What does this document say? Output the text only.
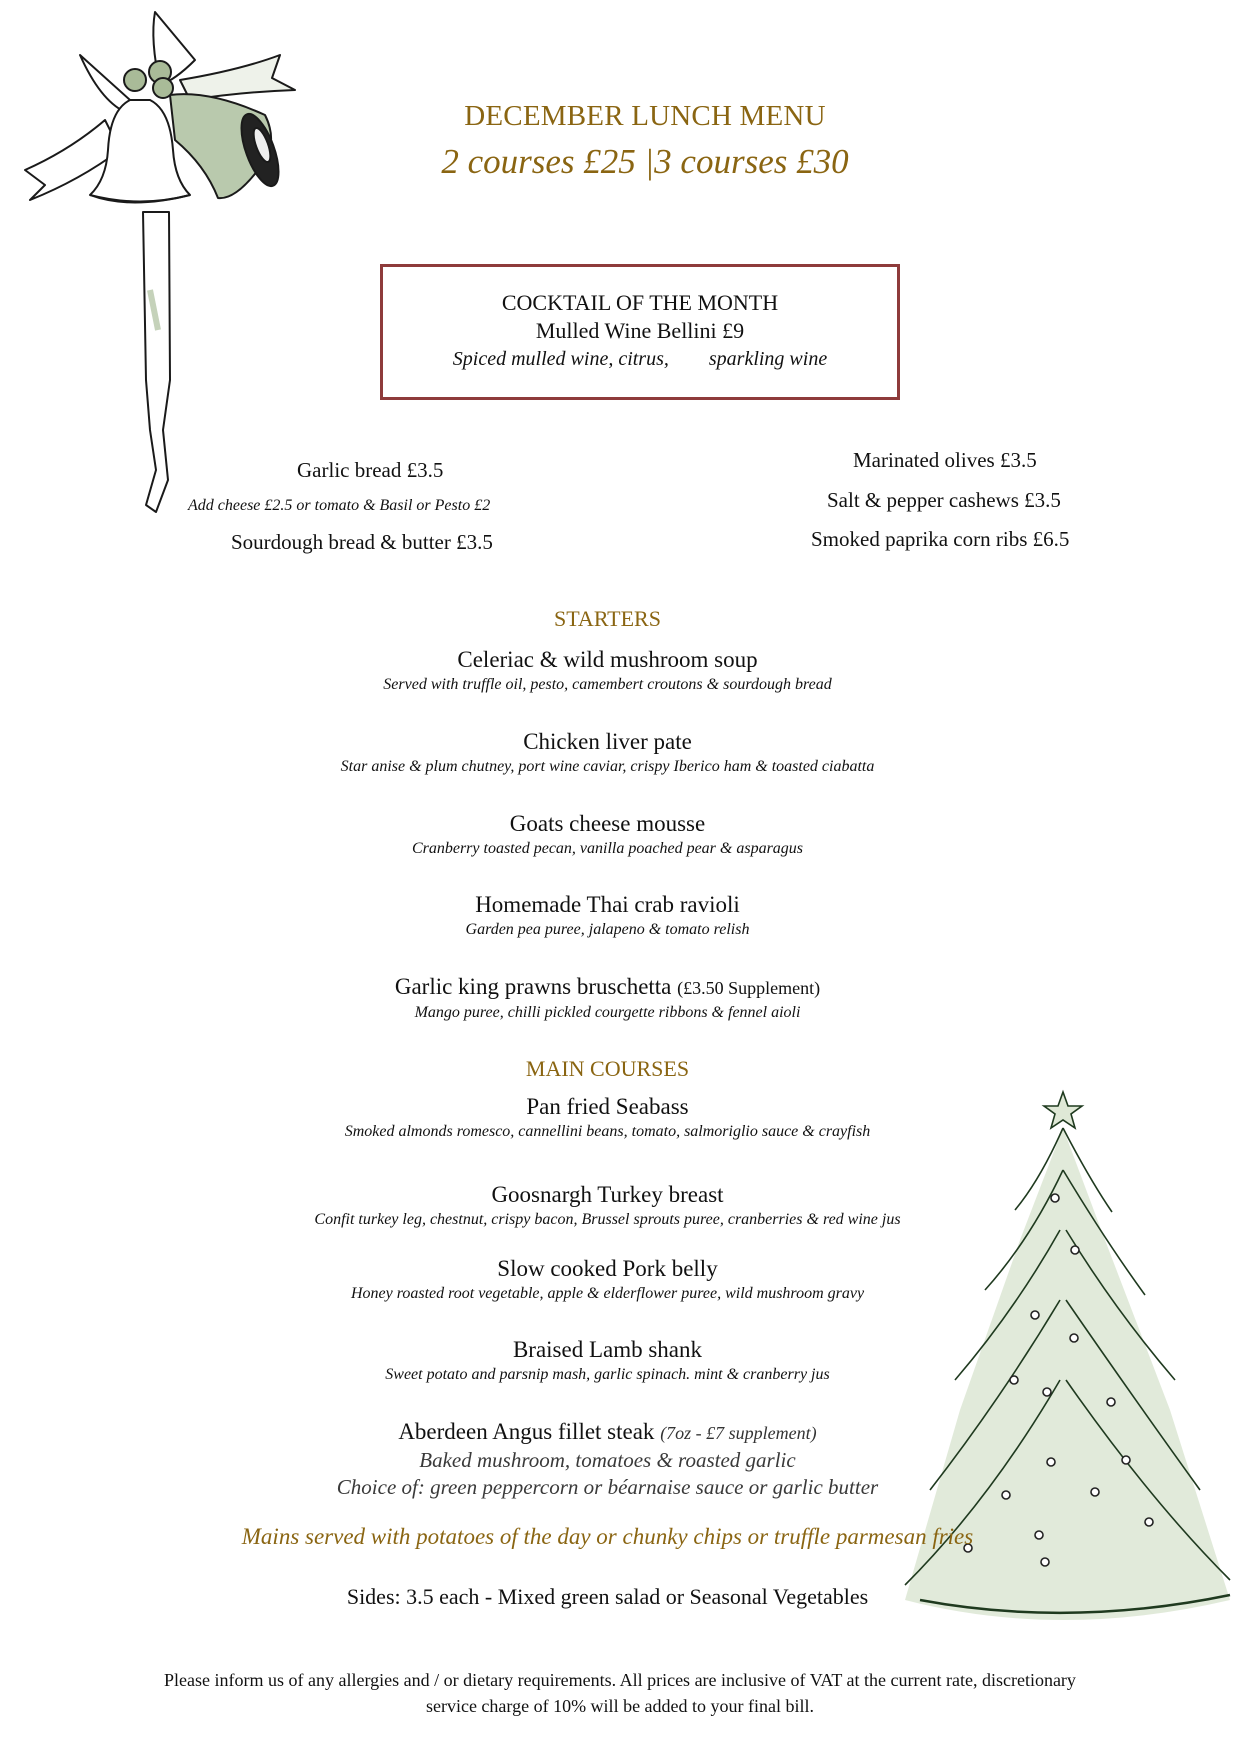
DECEMBER LUNCH MENU
2 courses £25 |3 courses £30
COCKTAIL OF THE MONTH
Mulled Wine Bellini £9
Spiced mulled wine, citrus,        sparkling wine
Garlic bread £3.5
Add cheese £2.5 or tomato & Basil or Pesto £2
Sourdough bread & butter £3.5
Marinated olives £3.5
Salt & pepper cashews £3.5
Smoked paprika corn ribs £6.5
STARTERS
Celeriac & wild mushroom soup
Served with truffle oil, pesto, camembert croutons & sourdough bread
Chicken liver pate
Star anise & plum chutney, port wine caviar, crispy Iberico ham & toasted ciabatta
Goats cheese mousse
Cranberry toasted pecan, vanilla poached pear & asparagus
Homemade Thai crab ravioli
Garden pea puree, jalapeno & tomato relish
Garlic king prawns bruschetta (£3.50 Supplement)
Mango puree, chilli pickled courgette ribbons & fennel aioli
MAIN COURSES
Pan fried Seabass
Smoked almonds romesco, cannellini beans, tomato, salmoriglio sauce & crayfish
Goosnargh Turkey breast
Confit turkey leg, chestnut, crispy bacon, Brussel sprouts puree, cranberries & red wine jus
Slow cooked Pork belly
Honey roasted root vegetable, apple & elderflower puree, wild mushroom gravy
Braised Lamb shank
Sweet potato and parsnip mash, garlic spinach. mint & cranberry jus
Aberdeen Angus fillet steak (7oz - £7 supplement)
Baked mushroom, tomatoes & roasted garlic
Choice of: green peppercorn or béarnaise sauce or garlic butter
Mains served with potatoes of the day or chunky chips or truffle parmesan fries
Sides: 3.5 each - Mixed green salad or Seasonal Vegetables
Please inform us of any allergies and / or dietary requirements. All prices are inclusive of VAT at the current rate, discretionary
service charge of 10% will be added to your final bill.
